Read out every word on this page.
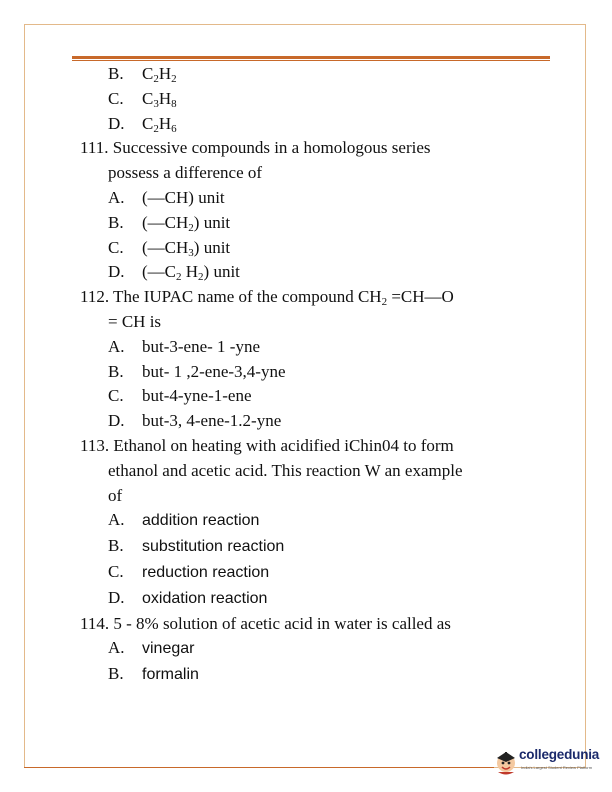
B. $C_2H_2$
C. $C_3H_8$
D. $C_2H_6$
111. Successive compounds in a homologous series
possess a difference of
A. (—CH) unit
B. $(—CH_2)$ unit
C. $(—CH_3)$ unit
D. ($—C_2$ $H_2$) unit
112. The IUPAC name of the compound $CH_2$ =CH—O
= CH is
A. but-3-ene- 1 -yne
B. but- 1 ,2-ene-3,4-yne
C. but-4-yne-1-ene
D. but-3, 4-ene-1.2-yne
113. Ethanol on heating with acidified iChin04 to form
ethanol and acetic acid. This reaction W an example
of
A. addition reaction
B. substitution reaction
C. reduction reaction
D. oxidation reaction
114. 5 - 8% solution of acetic acid in water is called as
A. vinegar
B. formalin
collegedunia
India's Largest Student Review Platform
